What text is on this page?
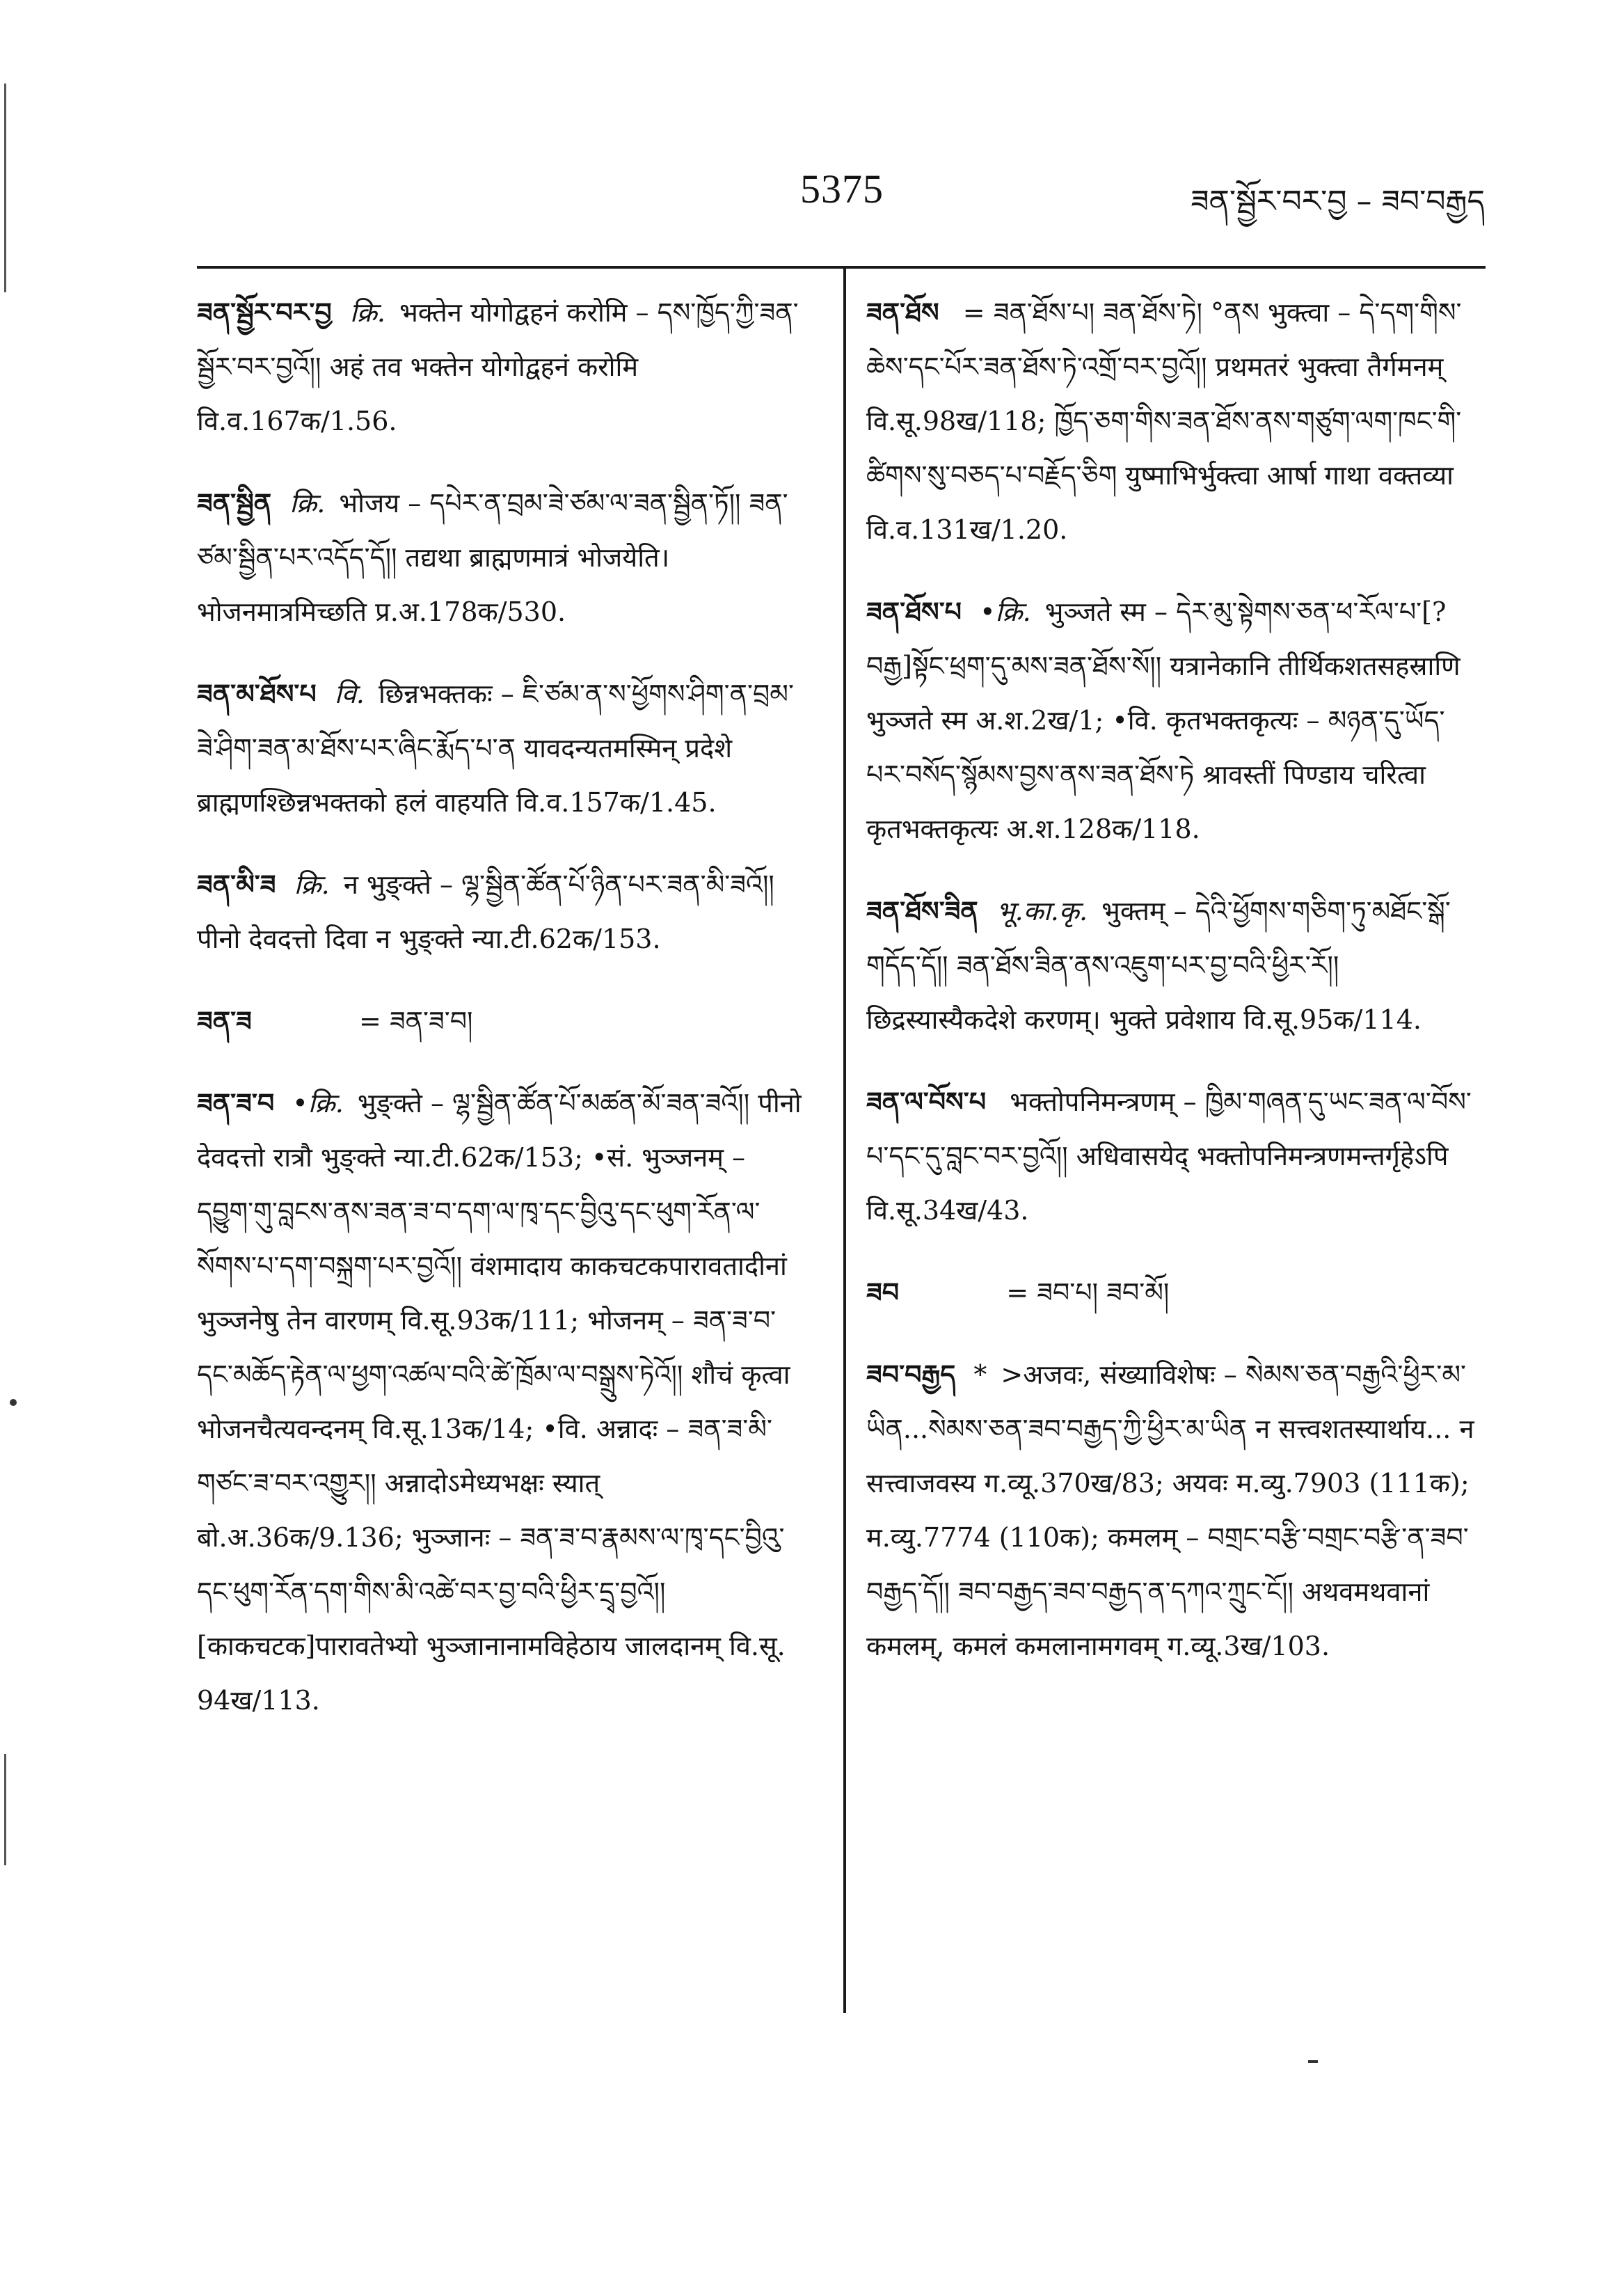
5375	ཟན་སྦྱོར་བར་བྱ – ཟབ་བརྒྱད

ཟན་སྦྱོར་བར་བྱ क्रि. भक्तेन योगोद्वहनं करोमि – དས་ཁྱོད་ཀྱི་ཟན་སྦྱོར་བར་བྱའོ།། अहं तव भक्तेन योगोद्वहनं करोमि वि.व.167क/1.56.

ཟན་སྦྱིན क्रि. भोजय – དཔེར་ན་བྲམ་ཟེ་ཙམ་ལ་ཟན་སྦྱིན་ཏོ།། ཟན་ཙམ་སྦྱིན་པར་འདོད་དོ།། तद्यथा ब्राह्मणमात्रं भोजयेति। भोजनमात्रमिच्छति प्र.अ.178क/530.

ཟན་མ་ཐོས་པ वि. छिन्नभक्तकः – ཇི་ཙམ་ན་ས་ཕྱོགས་ཤིག་ན་བྲམ་ཟེ་ཤིག་ཟན་མ་ཐོས་པར་ཞིང་རྨོད་པ་ན यावदन्यतमस्मिन् प्रदेशे ब्राह्मणश्छिन्नभक्तको हलं वाहयति वि.व.157क/1.45.

ཟན་མི་ཟ क्रि. न भुङ्क्ते – ལྷ་སྦྱིན་ཚོན་པོ་ཉིན་པར་ཟན་མི་ཟའོ།། पीनो देवदत्तो दिवा न भुङ्क्ते न्या.टी.62क/153.

ཟན་ཟ	= ཟན་ཟ་བ།

ཟན་ཟ་བ •क्रि. भुङ्क्ते – ལྷ་སྦྱིན་ཚོན་པོ་མཚན་མོ་ཟན་ཟའོ།། पीनो देवदत्तो रात्रौ भुङ्क्ते न्या.टी.62क/153; •सं. भुञ्जनम् – དབྱུག་གུ་བླངས་ནས་ཟན་ཟ་བ་དག་ལ་ཁྭ་དང་བྱིའུ་དང་ཕུག་རོན་ལ་སོགས་པ་དག་བསྐྲག་པར་བྱའོ།། वंशमादाय काकचटकपारावतादीनां भुञ्जनेषु तेन वारणम् वि.सू.93क/111; भोजनम् – ཟན་ཟ་བ་དང་མཆོད་རྟེན་ལ་ཕྱག་འཚལ་བའི་ཚེ་ཁྲོམ་ལ་བསྒྲུས་ཏེའོ།། शौचं कृत्वा भोजनचैत्यवन्दनम् वि.सू.13क/14; •वि. अन्नादः – ཟན་ཟ་མི་གཙང་ཟ་བར་འགྱུར།། अन्नादोऽमेध्यभक्षः स्यात् बो.अ.36क/9.136; भुञ्जानः – ཟན་ཟ་བ་རྣམས་ལ་ཁྭ་དང་བྱིའུ་དང་ཕུག་རོན་དག་གིས་མི་འཚེ་བར་བྱ་བའི་ཕྱིར་དྲྭ་བྱའོ།། [काकचटक]पारावतेभ्यो भुञ्जानानामविहेठाय जालदानम् वि.सू. 94ख/113.

ཟན་ཐོས = ཟན་ཐོས་པ། ཟན་ཐོས་ཏེ། °ནས भुक्त्वा – དེ་དག་གིས་ཆེས་དང་པོར་ཟན་ཐོས་ཏེ་འགྲོ་བར་བྱའོ།། प्रथमतरं भुक्त्वा तैर्गमनम् वि.सू.98ख/118; ཁྱོད་ཅག་གིས་ཟན་ཐོས་ནས་གཙུག་ལག་ཁང་གི་ཚིགས་སུ་བཅད་པ་བརྗོད་ཅིག युष्माभिर्भुक्त्वा आर्षा गाथा वक्तव्या वि.व.131ख/1.20.

ཟན་ཐོས་པ •क्रि. भुञ्जते स्म – དེར་མུ་སྟེགས་ཅན་ཕ་རོལ་པ་[?བརྒྱ]སྟོང་ཕྲག་དུ་མས་ཟན་ཐོས་སོ།། यत्रानेकानि तीर्थिकशतसहस्राणि भुञ्जते स्म अ.श.2ख/1; •वि. कृतभक्तकृत्यः – མཉན་དུ་ཡོད་པར་བསོད་སྙོམས་བྱས་ནས་ཟན་ཐོས་ཏེ श्रावस्तीं पिण्डाय चरित्वा कृतभक्तकृत्यः अ.श.128क/118.

ཟན་ཐོས་ཟིན भू.का.कृ. भुक्तम् – དེའི་ཕྱོགས་གཅིག་ཏུ་མཐོང་སྒོ་གདོད་དོ།། ཟན་ཐོས་ཟིན་ནས་འཇུག་པར་བྱ་བའི་ཕྱིར་རོ།། छिद्रस्यास्यैकदेशे करणम्। भुक्ते प्रवेशाय वि.सू.95क/114.

ཟན་ལ་བོས་པ भक्तोपनिमन्त्रणम् – ཁྱིམ་གཞན་དུ་ཡང་ཟན་ལ་བོས་པ་དང་དུ་བླང་བར་བྱའོ།། अधिवासयेद् भक्तोपनिमन्त्रणमन्तर्गृहेऽपि वि.सू.34ख/43.

ཟབ	= ཟབ་པ། ཟབ་མོ།

ཟབ་བརྒྱད * >अजवः, संख्याविशेषः – སེམས་ཅན་བརྒྱའི་ཕྱིར་མ་ཡིན...སེམས་ཅན་ཟབ་བརྒྱད་ཀྱི་ཕྱིར་མ་ཡིན न सत्त्वशतस्यार्थाय... न सत्त्वाजवस्य ग.व्यू.370ख/83; अयवः म.व्यु.7903 (111क); म.व्यु.7774 (110क); कमलम् – བགྲང་བརྩི་བགྲང་བརྩི་ན་ཟབ་བརྒྱད་དོ།། ཟབ་བརྒྱད་ཟབ་བརྒྱད་ན་དཀའ་ཀྲུང་ངོ།། अथवमथवानां कमलम्, कमलं कमलानामगवम् ग.व्यू.3ख/103.
